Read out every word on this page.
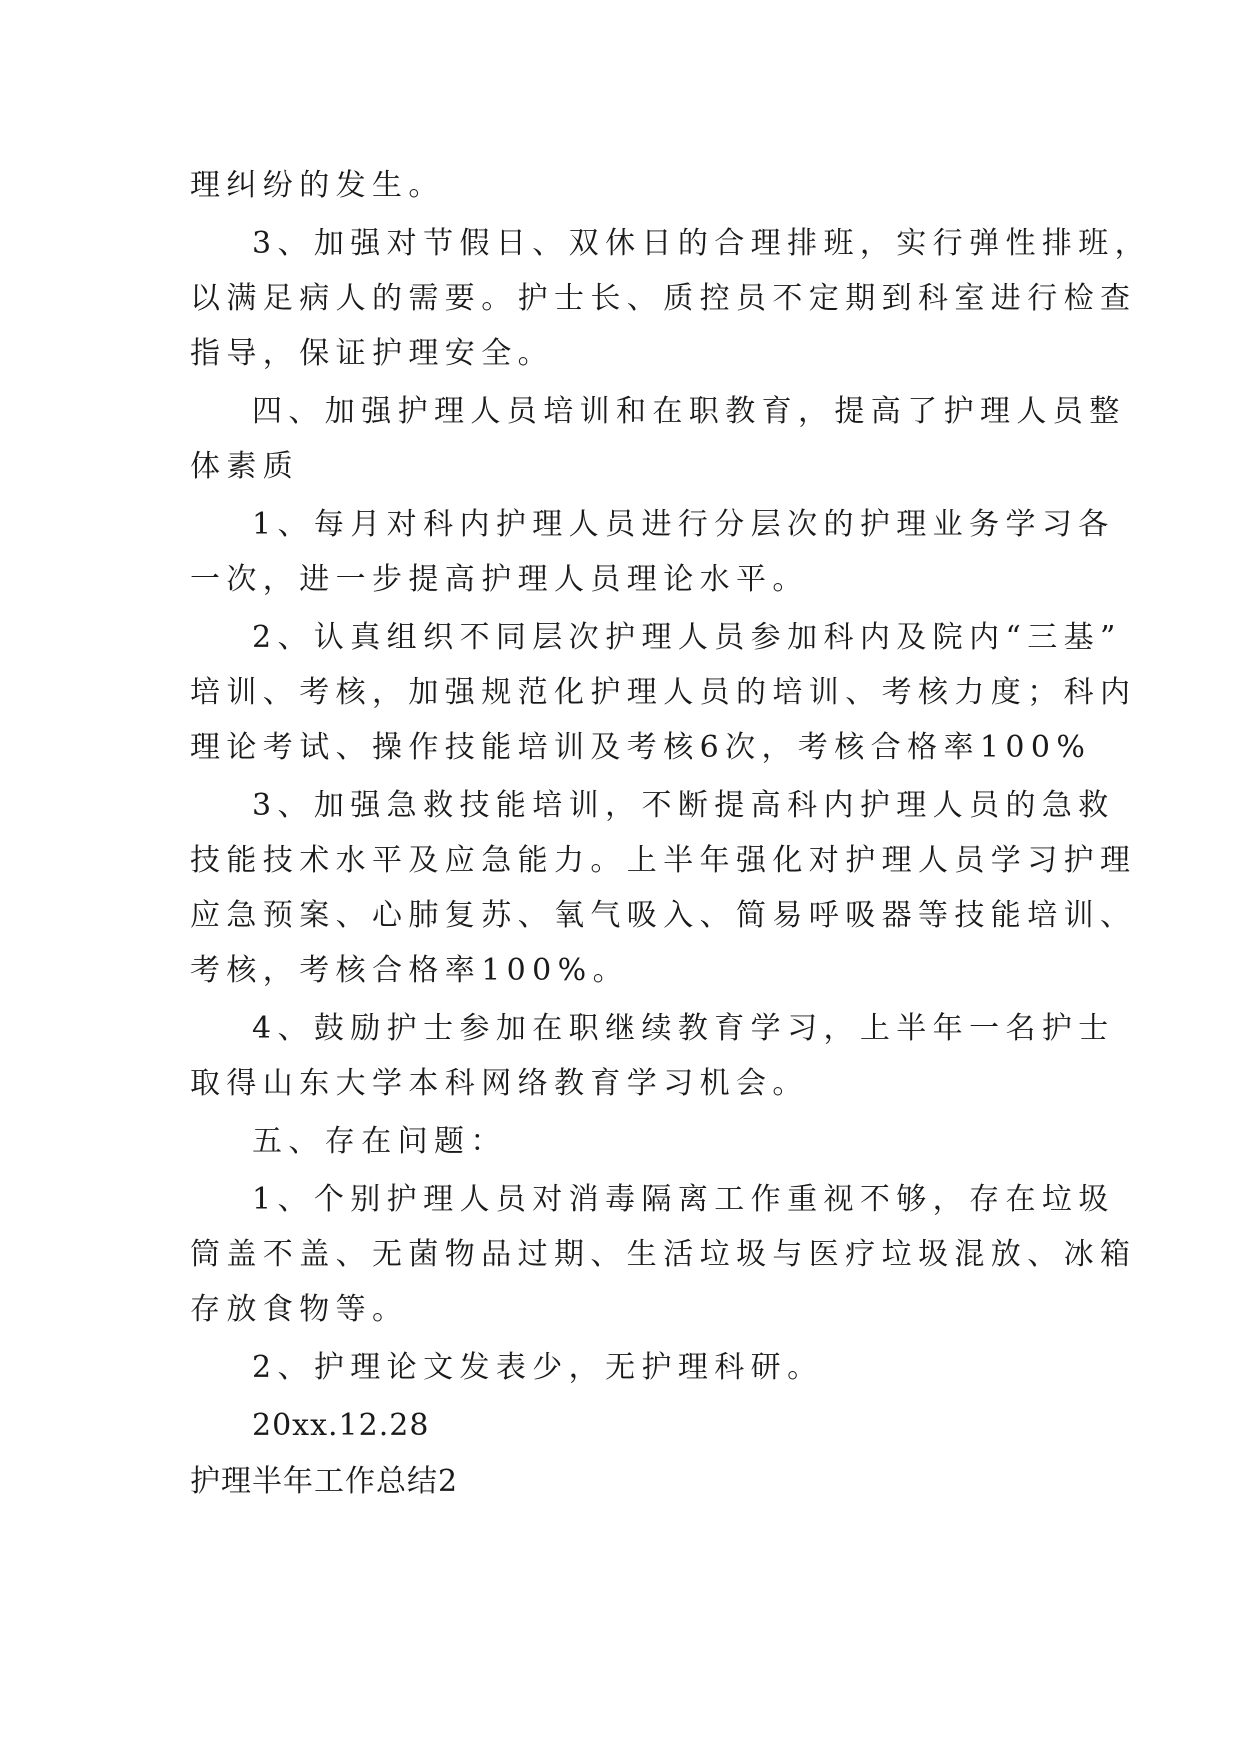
理纠纷的发生。
3、加强对节假日、双休日的合理排班，实行弹性排班，
以满足病人的需要。护士长、质控员不定期到科室进行检查
指导，保证护理安全。
四、加强护理人员培训和在职教育，提高了护理人员整
体素质
1、每月对科内护理人员进行分层次的护理业务学习各
一次，进一步提高护理人员理论水平。
2、认真组织不同层次护理人员参加科内及院内“三基”
培训、考核，加强规范化护理人员的培训、考核力度；科内
理论考试、操作技能培训及考核6次，考核合格率100%
3、加强急救技能培训，不断提高科内护理人员的急救
技能技术水平及应急能力。上半年强化对护理人员学习护理
应急预案、心肺复苏、氧气吸入、简易呼吸器等技能培训、
考核，考核合格率100%。
4、鼓励护士参加在职继续教育学习，上半年一名护士
取得山东大学本科网络教育学习机会。
五、存在问题：
1、个别护理人员对消毒隔离工作重视不够，存在垃圾
筒盖不盖、无菌物品过期、生活垃圾与医疗垃圾混放、冰箱
存放食物等。
2、护理论文发表少，无护理科研。
20xx.12.28
护理半年工作总结2
